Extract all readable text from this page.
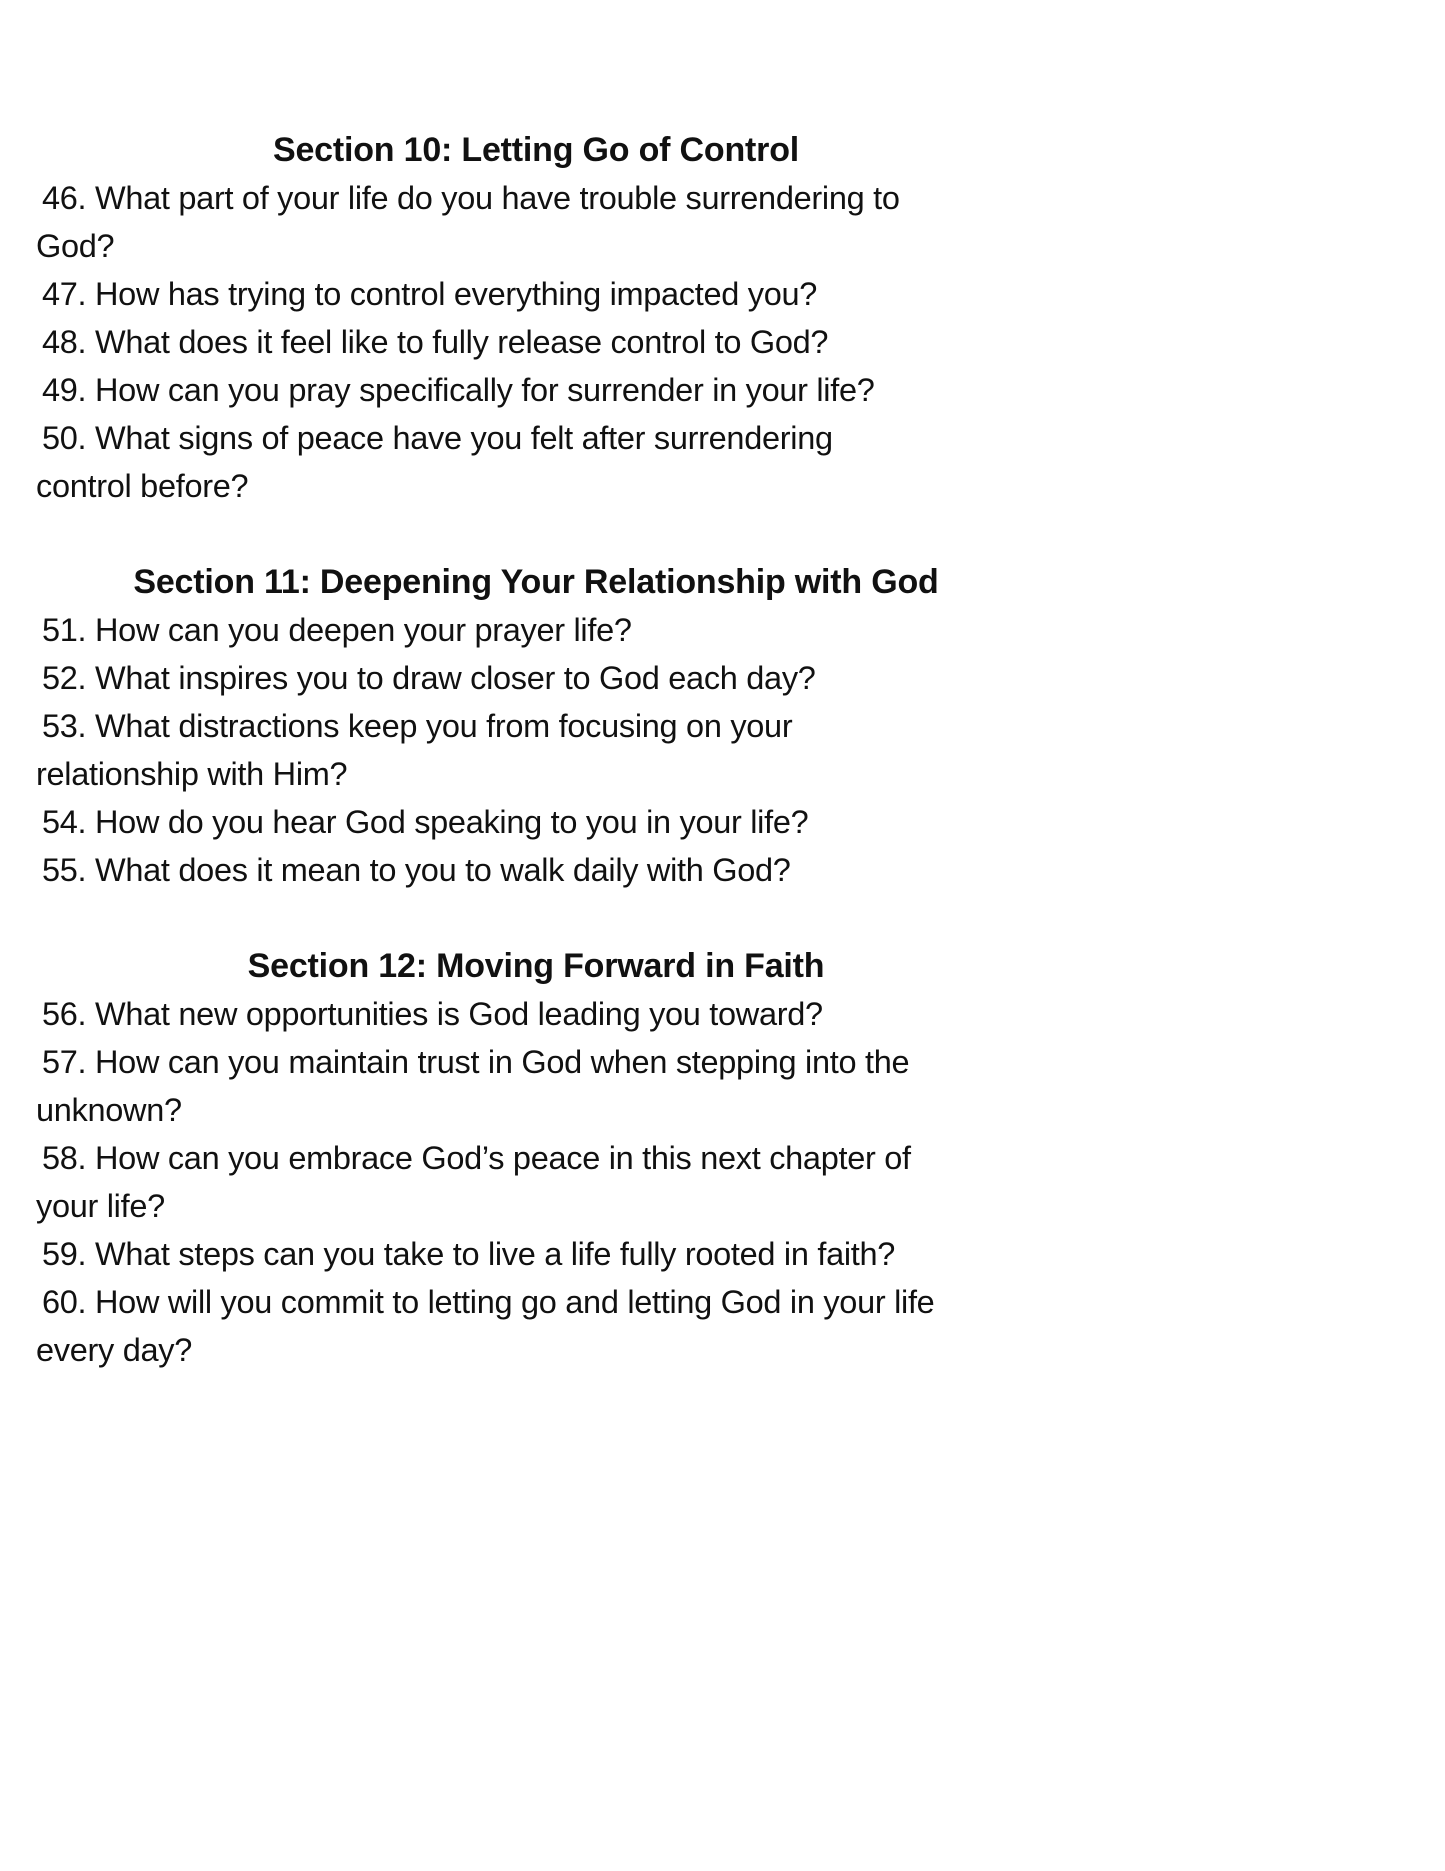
Section 10: Letting Go of Control
46. What part of your life do you have trouble surrendering to
God?
47. How has trying to control everything impacted you?
48. What does it feel like to fully release control to God?
49. How can you pray specifically for surrender in your life?
50. What signs of peace have you felt after surrendering
control before?
Section 11: Deepening Your Relationship with God
51. How can you deepen your prayer life?
52. What inspires you to draw closer to God each day?
53. What distractions keep you from focusing on your
relationship with Him?
54. How do you hear God speaking to you in your life?
55. What does it mean to you to walk daily with God?
Section 12: Moving Forward in Faith
56. What new opportunities is God leading you toward?
57. How can you maintain trust in God when stepping into the
unknown?
58. How can you embrace God’s peace in this next chapter of
your life?
59. What steps can you take to live a life fully rooted in faith?
60. How will you commit to letting go and letting God in your life
every day?
